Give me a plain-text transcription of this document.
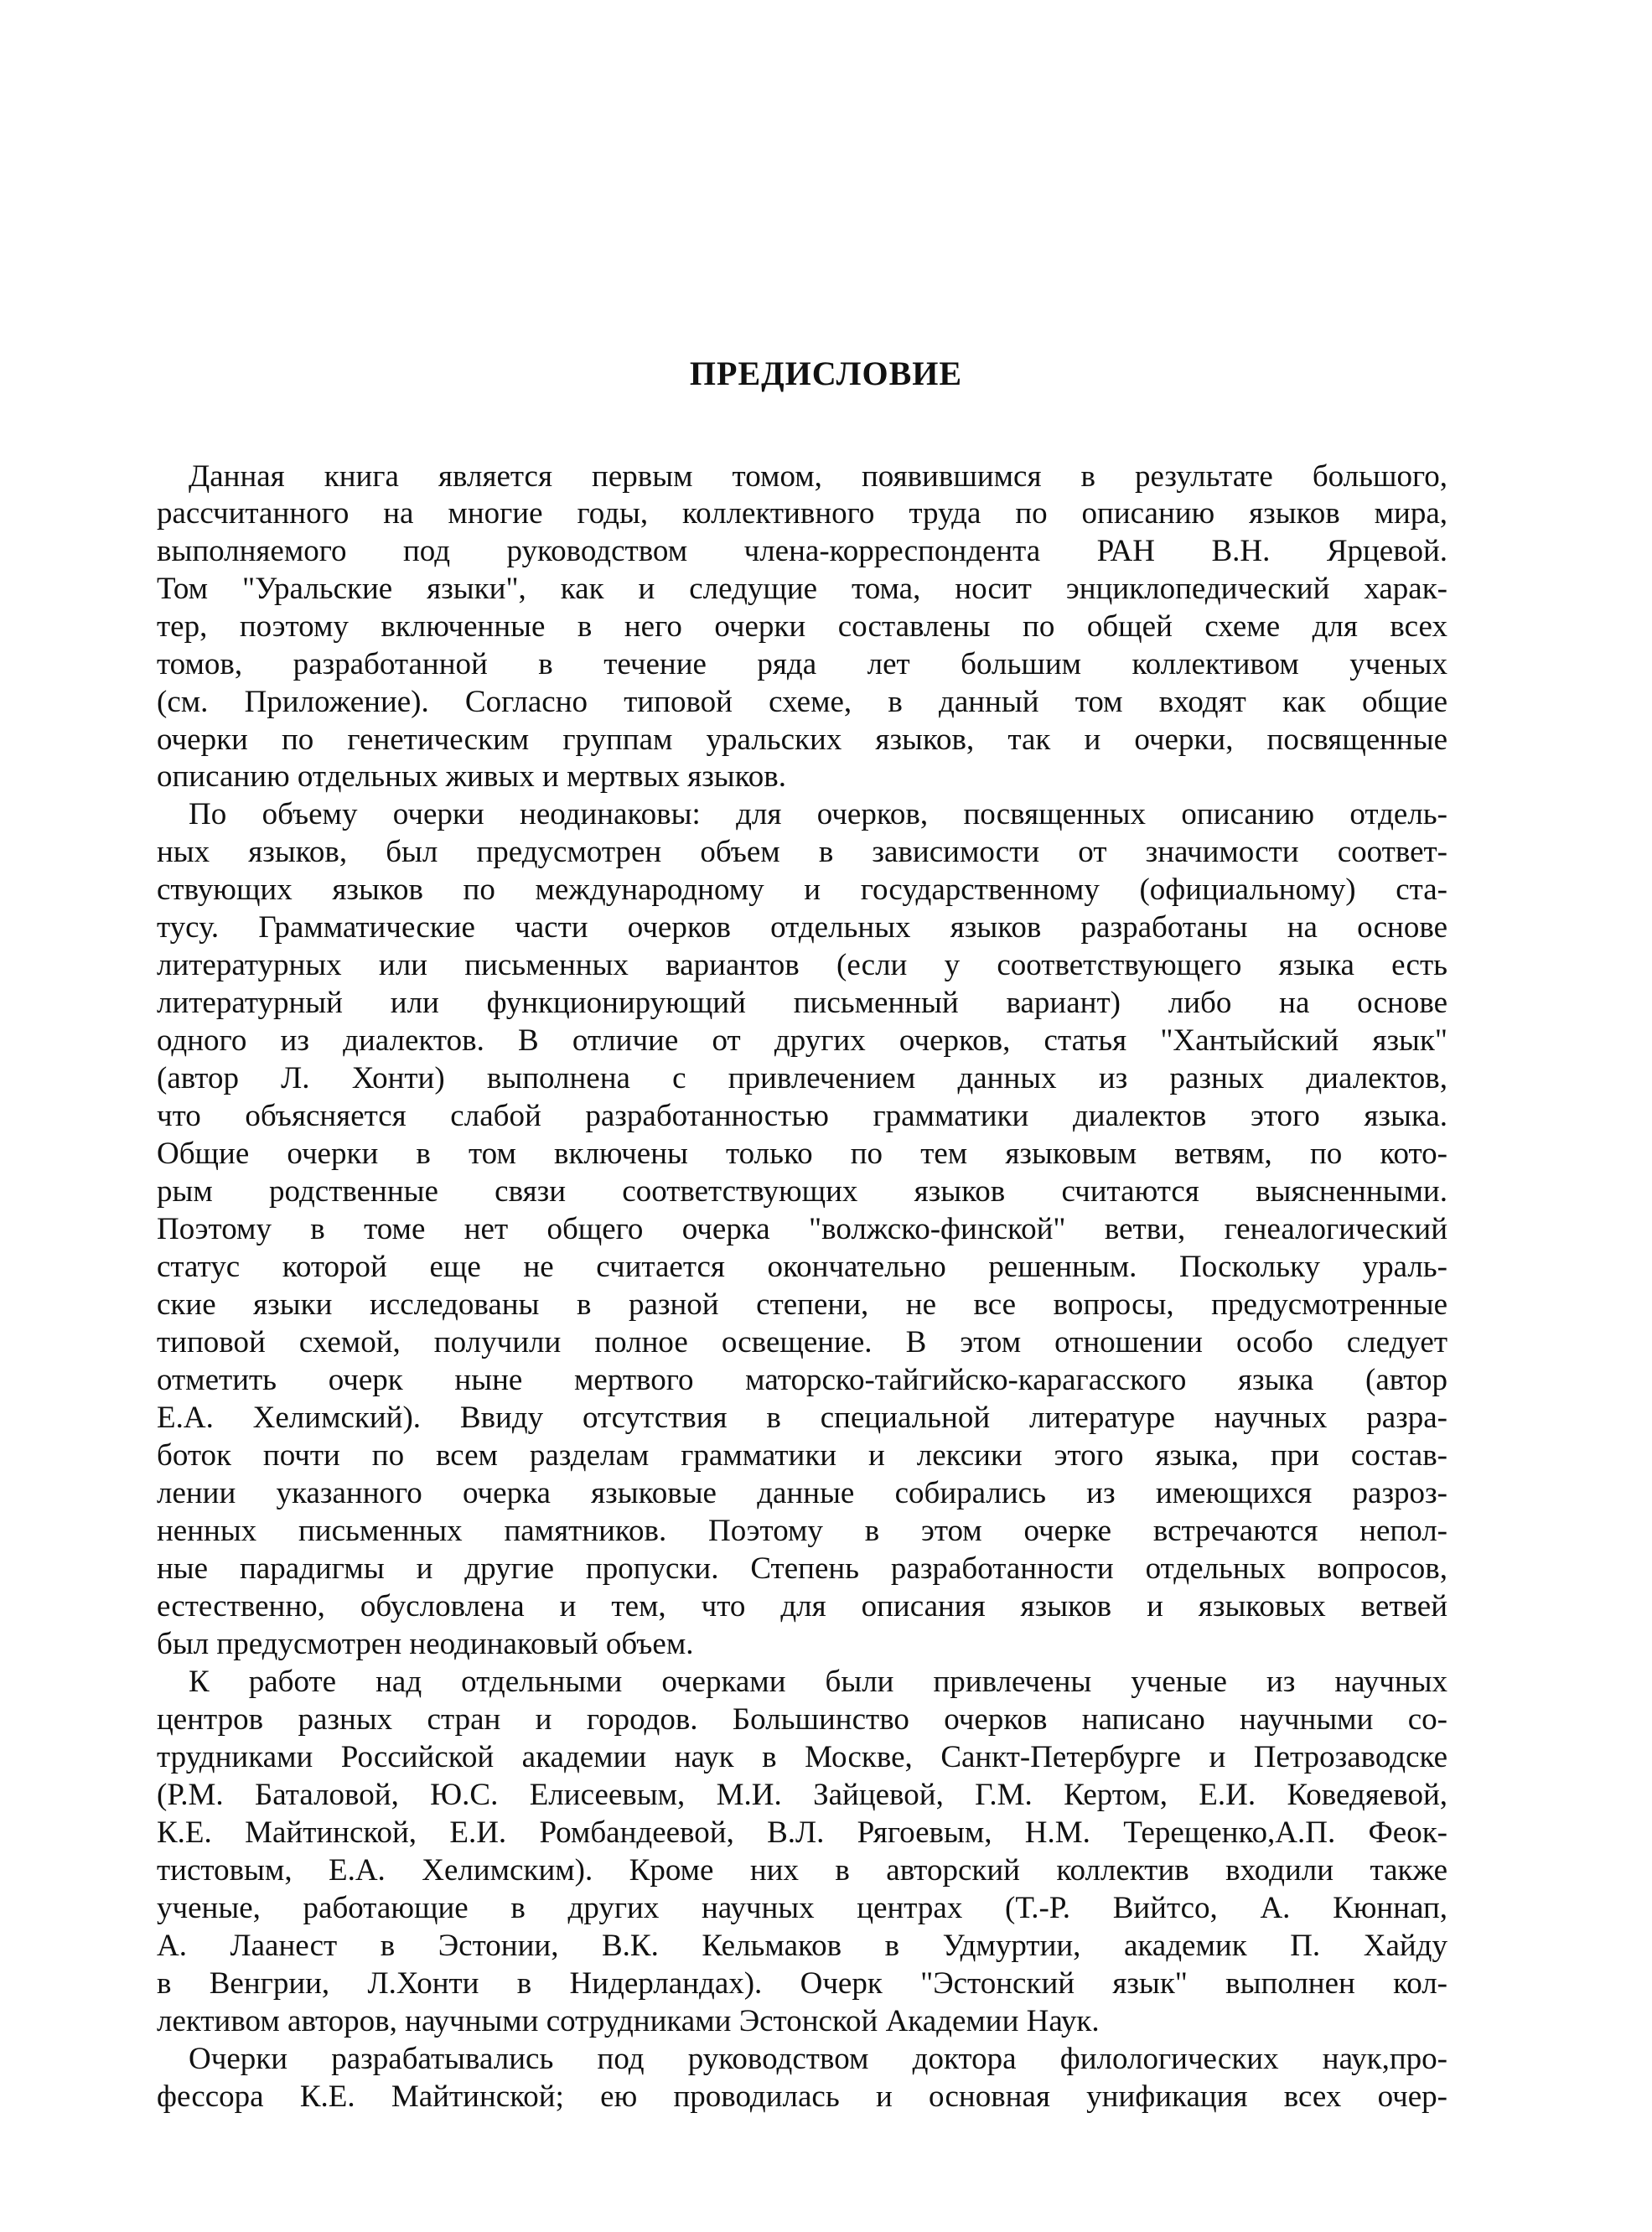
ПРЕДИСЛОВИЕ
Данная книга является первым томом, появившимся в результате большого,
рассчитанного на многие годы, коллективного труда по описанию языков мира,
выполняемого под руководством члена-корреспондента РАН В.Н. Ярцевой.
Том "Уральские языки", как и следущие тома, носит энциклопедический харак-
тер, поэтому включенные в него очерки составлены по общей схеме для всех
томов, разработанной в течение ряда лет большим коллективом ученых
(см. Приложение). Согласно типовой схеме, в данный том входят как общие
очерки по генетическим группам уральских языков, так и очерки, посвященные
описанию отдельных живых и мертвых языков.
По объему очерки неодинаковы: для очерков, посвященных описанию отдель-
ных языков, был предусмотрен объем в зависимости от значимости соответ-
ствующих языков по международному и государственному (официальному) ста-
тусу. Грамматические части очерков отдельных языков разработаны на основе
литературных или письменных вариантов (если у соответствующего языка есть
литературный или функционирующий письменный вариант) либо на основе
одного из диалектов. В отличие от других очерков, статья "Хантыйский язык"
(автор Л. Хонти) выполнена с привлечением данных из разных диалектов,
что объясняется слабой разработанностью грамматики диалектов этого языка.
Общие очерки в том включены только по тем языковым ветвям, по кото-
рым родственные связи соответствующих языков считаются выясненными.
Поэтому в томе нет общего очерка "волжско-финской" ветви, генеалогический
статус которой еще не считается окончательно решенным. Поскольку ураль-
ские языки исследованы в разной степени, не все вопросы, предусмотренные
типовой схемой, получили полное освещение. В этом отношении особо следует
отметить очерк ныне мертвого маторско-тайгийско-карагасского языка (автор
Е.А. Хелимский). Ввиду отсутствия в специальной литературе научных разра-
боток почти по всем разделам грамматики и лексики этого языка, при состав-
лении указанного очерка языковые данные собирались из имеющихся разроз-
ненных письменных памятников. Поэтому в этом очерке встречаются непол-
ные парадигмы и другие пропуски. Степень разработанности отдельных вопросов,
естественно, обусловлена и тем, что для описания языков и языковых ветвей
был предусмотрен неодинаковый объем.
К работе над отдельными очерками были привлечены ученые из научных
центров разных стран и городов. Большинство очерков написано научными со-
трудниками Российской академии наук в Москве, Санкт-Петербурге и Петрозаводске
(Р.М. Баталовой, Ю.С. Елисеевым, М.И. Зайцевой, Г.М. Кертом, Е.И. Коведяевой,
К.Е. Майтинской, Е.И. Ромбандеевой, В.Л. Рягоевым, Н.М. Терещенко,А.П. Феок-
тистовым, Е.А. Хелимским). Кроме них в авторский коллектив входили также
ученые, работающие в других научных центрах (Т.-Р. Вийтсо, А. Кюннап,
А. Лаанест в Эстонии, В.К. Кельмаков в Удмуртии, академик П. Хайду
в Венгрии, Л.Хонти в Нидерландах). Очерк "Эстонский язык" выполнен кол-
лективом авторов, научными сотрудниками Эстонской Академии Наук.
Очерки разрабатывались под руководством доктора филологических наук,про-
фессора К.Е. Майтинской; ею проводилась и основная унификация всех очер-
